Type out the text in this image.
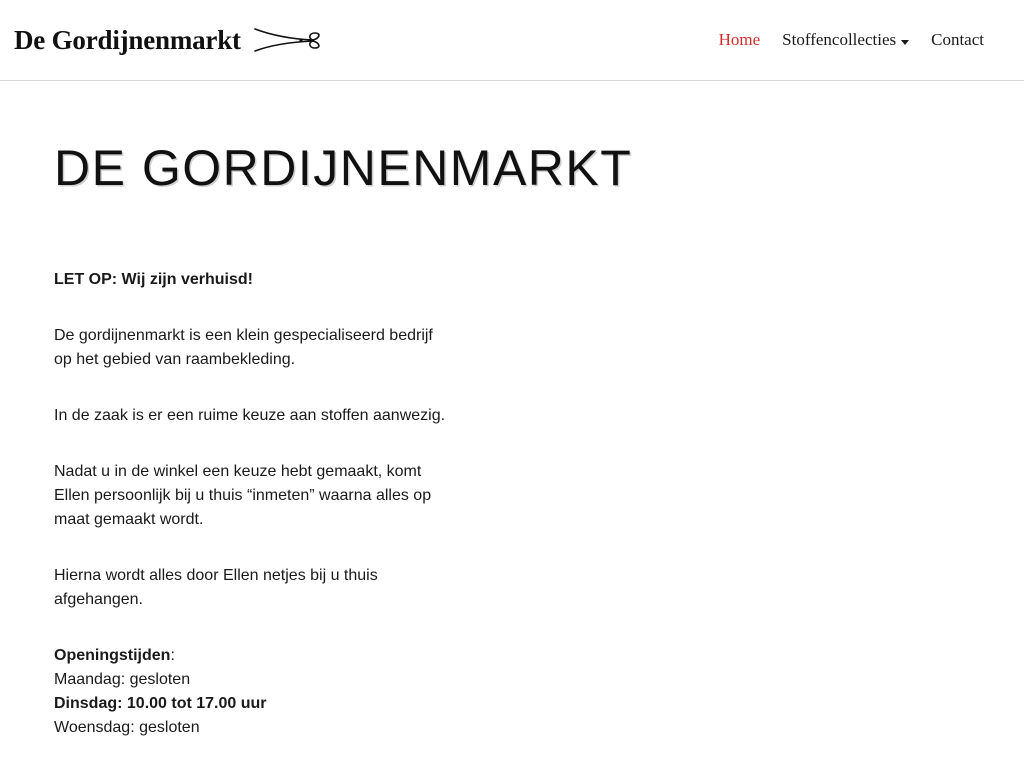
De Gordijnenmarkt	Home Stoffencollecties Contact
DE GORDIJNENMARKT

LET OP: Wij zijn verhuisd!

De gordijnenmarkt is een klein gespecialiseerd bedrijf op het gebied van raambekleding.

In de zaak is er een ruime keuze aan stoffen aanwezig.

Nadat u in de winkel een keuze hebt gemaakt, komt Ellen persoonlijk bij u thuis “inmeten” waarna alles op maat gemaakt wordt.

Hierna wordt alles door Ellen netjes bij u thuis afgehangen.

Openingstijden:
Maandag: gesloten
Dinsdag: 10.00 tot 17.00 uur
Woensdag: gesloten
